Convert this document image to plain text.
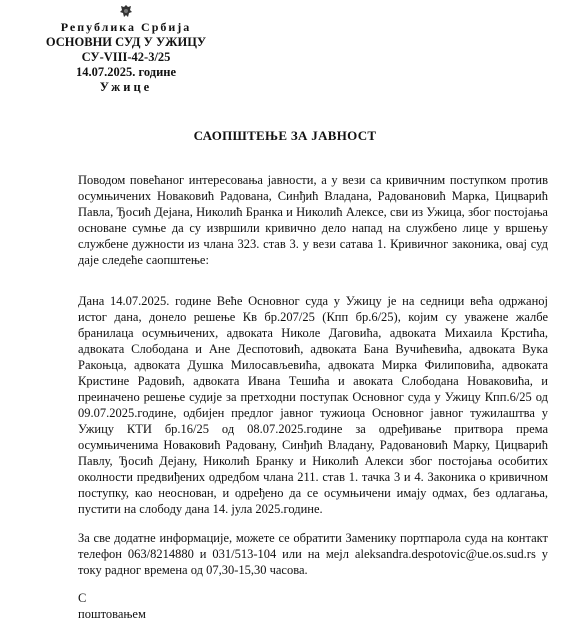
Република Србија
ОСНОВНИ СУД У УЖИЦУ
СУ-VIII-42-3/25
14.07.2025. године
Ужице
САОПШТЕЊЕ ЗА ЈАВНОСТ

Поводом повећаног интересовања јавности, а у вези са кривичним поступком против осумњичених Новаковић Радована, Синђић Владана, Радовановић Марка, Цицварић Павла, Ђосић Дејана, Николић Бранка и Николић Алексе, сви из Ужица, због постојања основане сумње да су извршили кривично дело напад на службено лице у вршењу службене дужности из члана 323. став 3. у вези сатава 1. Кривичног законика, овај суд даје следеће саопштење:

Дана 14.07.2025. године Веће Основног суда у Ужицу је на седници већа одржаној истог дана, донело решење Кв бр.207/25 (Кпп бр.6/25), којим су уважене жалбе бранилаца осумњичених, адвоката Николе Даговића, адвоката Михаила Крстића, адвоката Слободана и Ане Деспотовић, адвоката Бана Вучићевића, адвоката Вука Ракоњца, адвоката Душка Милосављевића, адвоката Мирка Филиповића, адвоката Кристине Радовић, адвоката Ивана Тешића и авоката Слободана Новаковића, и преиначено решење судије за претходни поступак Основног суда у Ужицу Кпп.6/25 од 09.07.2025.године, одбијен предлог јавног тужиоца Основног јавног тужилаштва у Ужицу КТИ бр.16/25 од 08.07.2025.године за одређивање притвора према осумњиченима Новаковић Радовану, Синђић Владану, Радовановић Марку, Цицварић Павлу, Ђосић Дејану, Николић Бранку и Николић Алекси због постојања особитих околности предвиђених одредбом члана 211. став 1. тачка 3 и 4. Законика о кривичном поступку, као неоснован, и одређено да се осумњичени имају одмах, без одлагања, пустити на слободу дана 14. јула 2025.године.

За све додатне информације, можете се обратити Заменику портпарола суда на контакт телефон 063/8214880 и 031/513-104 или на мејл aleksandra.despotovic@ue.os.sud.rs у току радног времена од 07,30-15,30 часова.

С поштовањем
